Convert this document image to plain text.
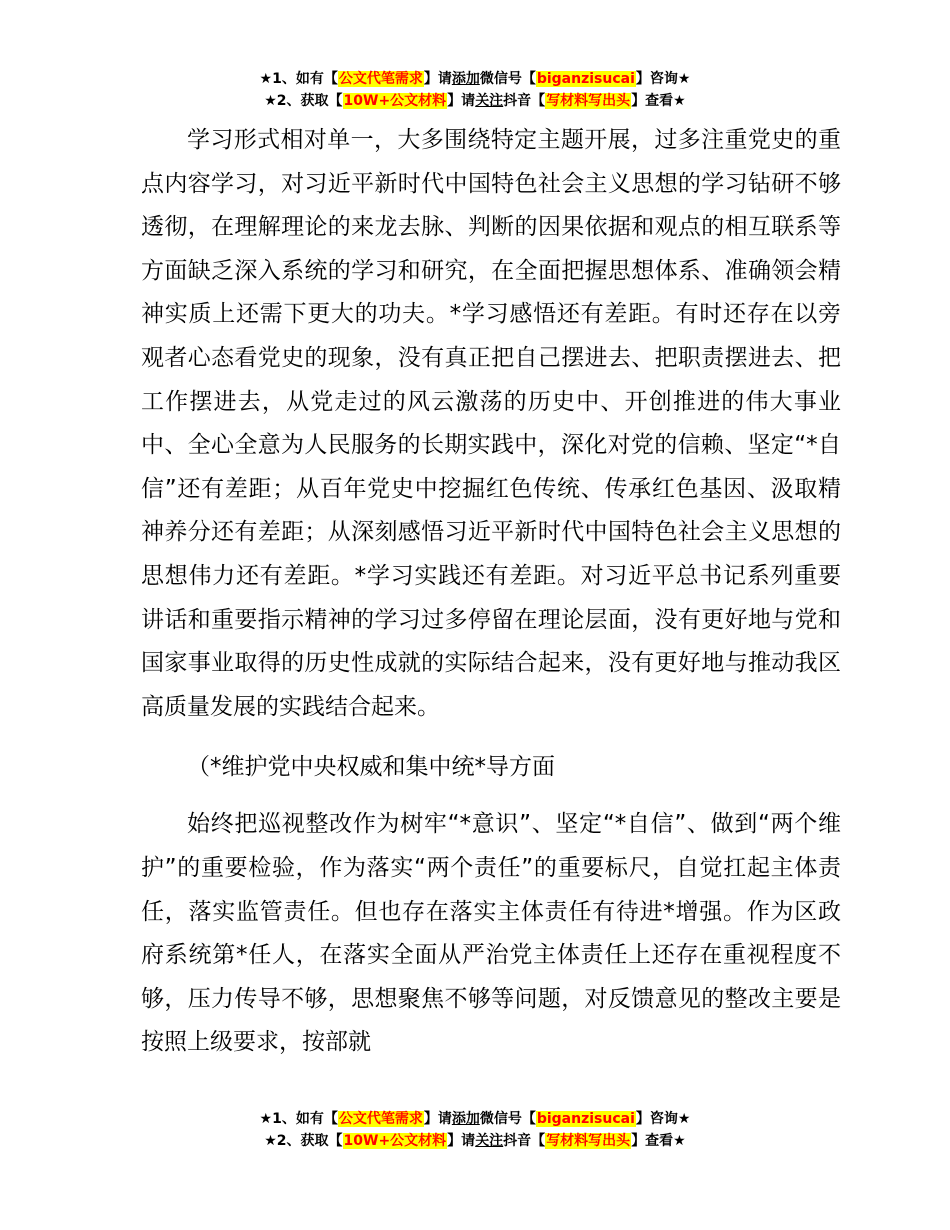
★1、如有【公文代笔需求】请添加微信号【biganzisucai】咨询★
★2、获取【10W+公文材料】请关注抖音【写材料写出头】查看★

学习形式相对单一，大多围绕特定主题开展，过多注重党史的重点内容学习，对习近平新时代中国特色社会主义思想的学习钻研不够透彻，在理解理论的来龙去脉、判断的因果依据和观点的相互联系等方面缺乏深入系统的学习和研究，在全面把握思想体系、准确领会精神实质上还需下更大的功夫。*学习感悟还有差距。有时还存在以旁观者心态看党史的现象，没有真正把自己摆进去、把职责摆进去、把工作摆进去，从党走过的风云激荡的历史中、开创推进的伟大事业中、全心全意为人民服务的长期实践中，深化对党的信赖、坚定“*自信”还有差距；从百年党史中挖掘红色传统、传承红色基因、汲取精神养分还有差距；从深刻感悟习近平新时代中国特色社会主义思想的思想伟力还有差距。*学习实践还有差距。对习近平总书记系列重要讲话和重要指示精神的学习过多停留在理论层面，没有更好地与党和国家事业取得的历史性成就的实际结合起来，没有更好地与推动我区高质量发展的实践结合起来。

（*维护党中央权威和集中统*导方面

始终把巡视整改作为树牢“*意识”、坚定“*自信”、做到“两个维护”的重要检验，作为落实“两个责任”的重要标尺，自觉扛起主体责任，落实监管责任。但也存在落实主体责任有待进*增强。作为区政府系统第*任人，在落实全面从严治党主体责任上还存在重视程度不够，压力传导不够，思想聚焦不够等问题，对反馈意见的整改主要是按照上级要求，按部就

★1、如有【公文代笔需求】请添加微信号【biganzisucai】咨询★
★2、获取【10W+公文材料】请关注抖音【写材料写出头】查看★
